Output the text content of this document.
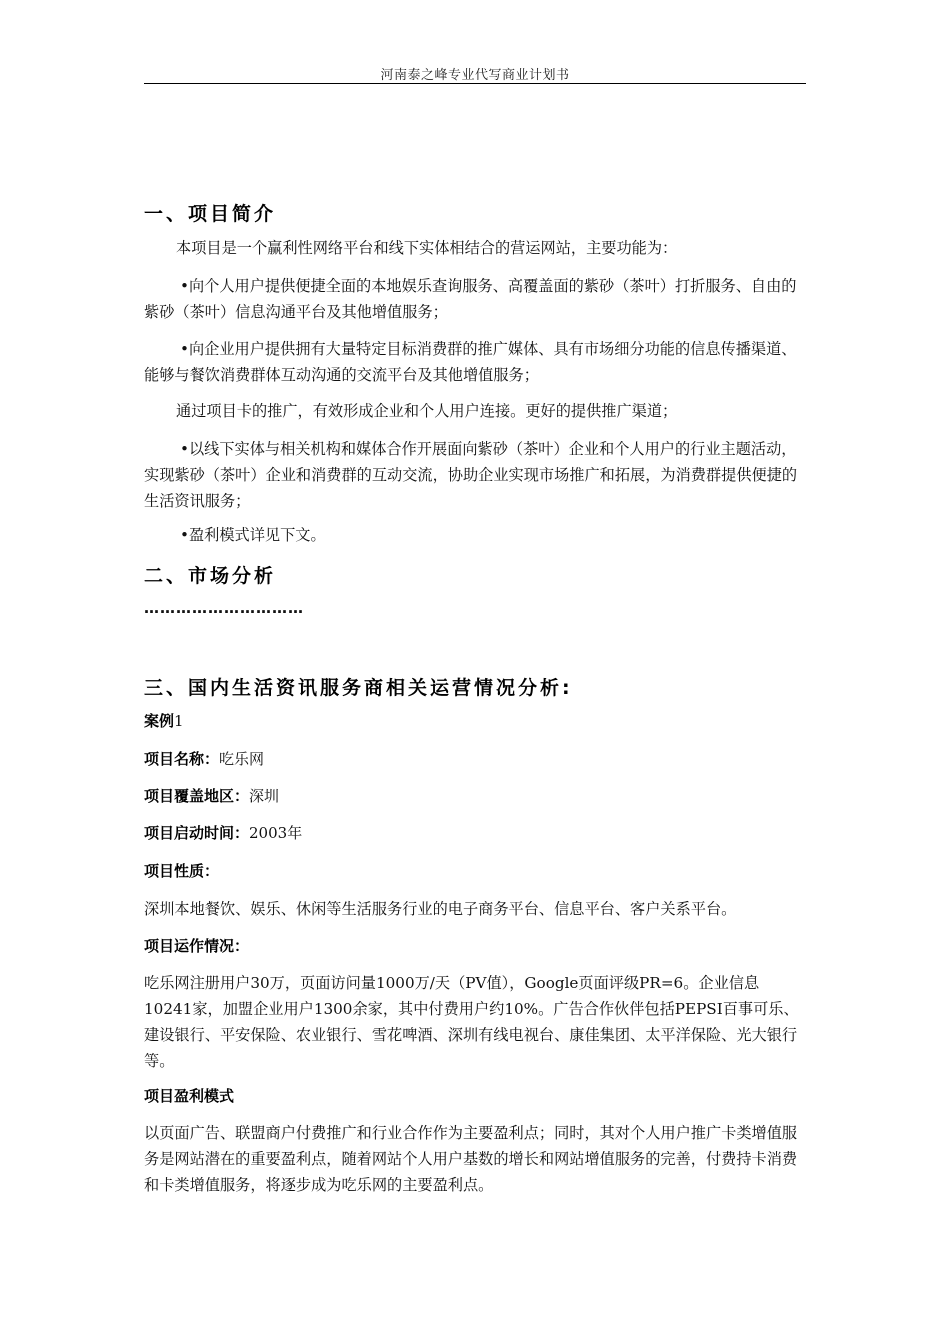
河南泰之峰专业代写商业计划书
一、项目简介
本项目是一个赢利性网络平台和线下实体相结合的营运网站，主要功能为：
•向个人用户提供便捷全面的本地娱乐查询服务、高覆盖面的紫砂（茶叶）打折服务、自由的紫砂（茶叶）信息沟通平台及其他增值服务；
•向企业用户提供拥有大量特定目标消费群的推广媒体、具有市场细分功能的信息传播渠道、能够与餐饮消费群体互动沟通的交流平台及其他增值服务；
通过项目卡的推广，有效形成企业和个人用户连接。更好的提供推广渠道；
•以线下实体与相关机构和媒体合作开展面向紫砂（茶叶）企业和个人用户的行业主题活动，实现紫砂（茶叶）企业和消费群的互动交流，协助企业实现市场推广和拓展，为消费群提供便捷的生活资讯服务；
•盈利模式详见下文。
二、市场分析
…………………………
三、国内生活资讯服务商相关运营情况分析:
案例1
项目名称：吃乐网
项目覆盖地区：深圳
项目启动时间：2003年
项目性质：
深圳本地餐饮、娱乐、休闲等生活服务行业的电子商务平台、信息平台、客户关系平台。
项目运作情况：
吃乐网注册用户30万，页面访问量1000万/天（PV值），Google页面评级PR=6。企业信息10241家，加盟企业用户1300余家，其中付费用户约10%。广告合作伙伴包括PEPSI百事可乐、建设银行、平安保险、农业银行、雪花啤酒、深圳有线电视台、康佳集团、太平洋保险、光大银行等。
项目盈利模式
以页面广告、联盟商户付费推广和行业合作作为主要盈利点；同时，其对个人用户推广卡类增值服务是网站潜在的重要盈利点，随着网站个人用户基数的增长和网站增值服务的完善，付费持卡消费和卡类增值服务，将逐步成为吃乐网的主要盈利点。
